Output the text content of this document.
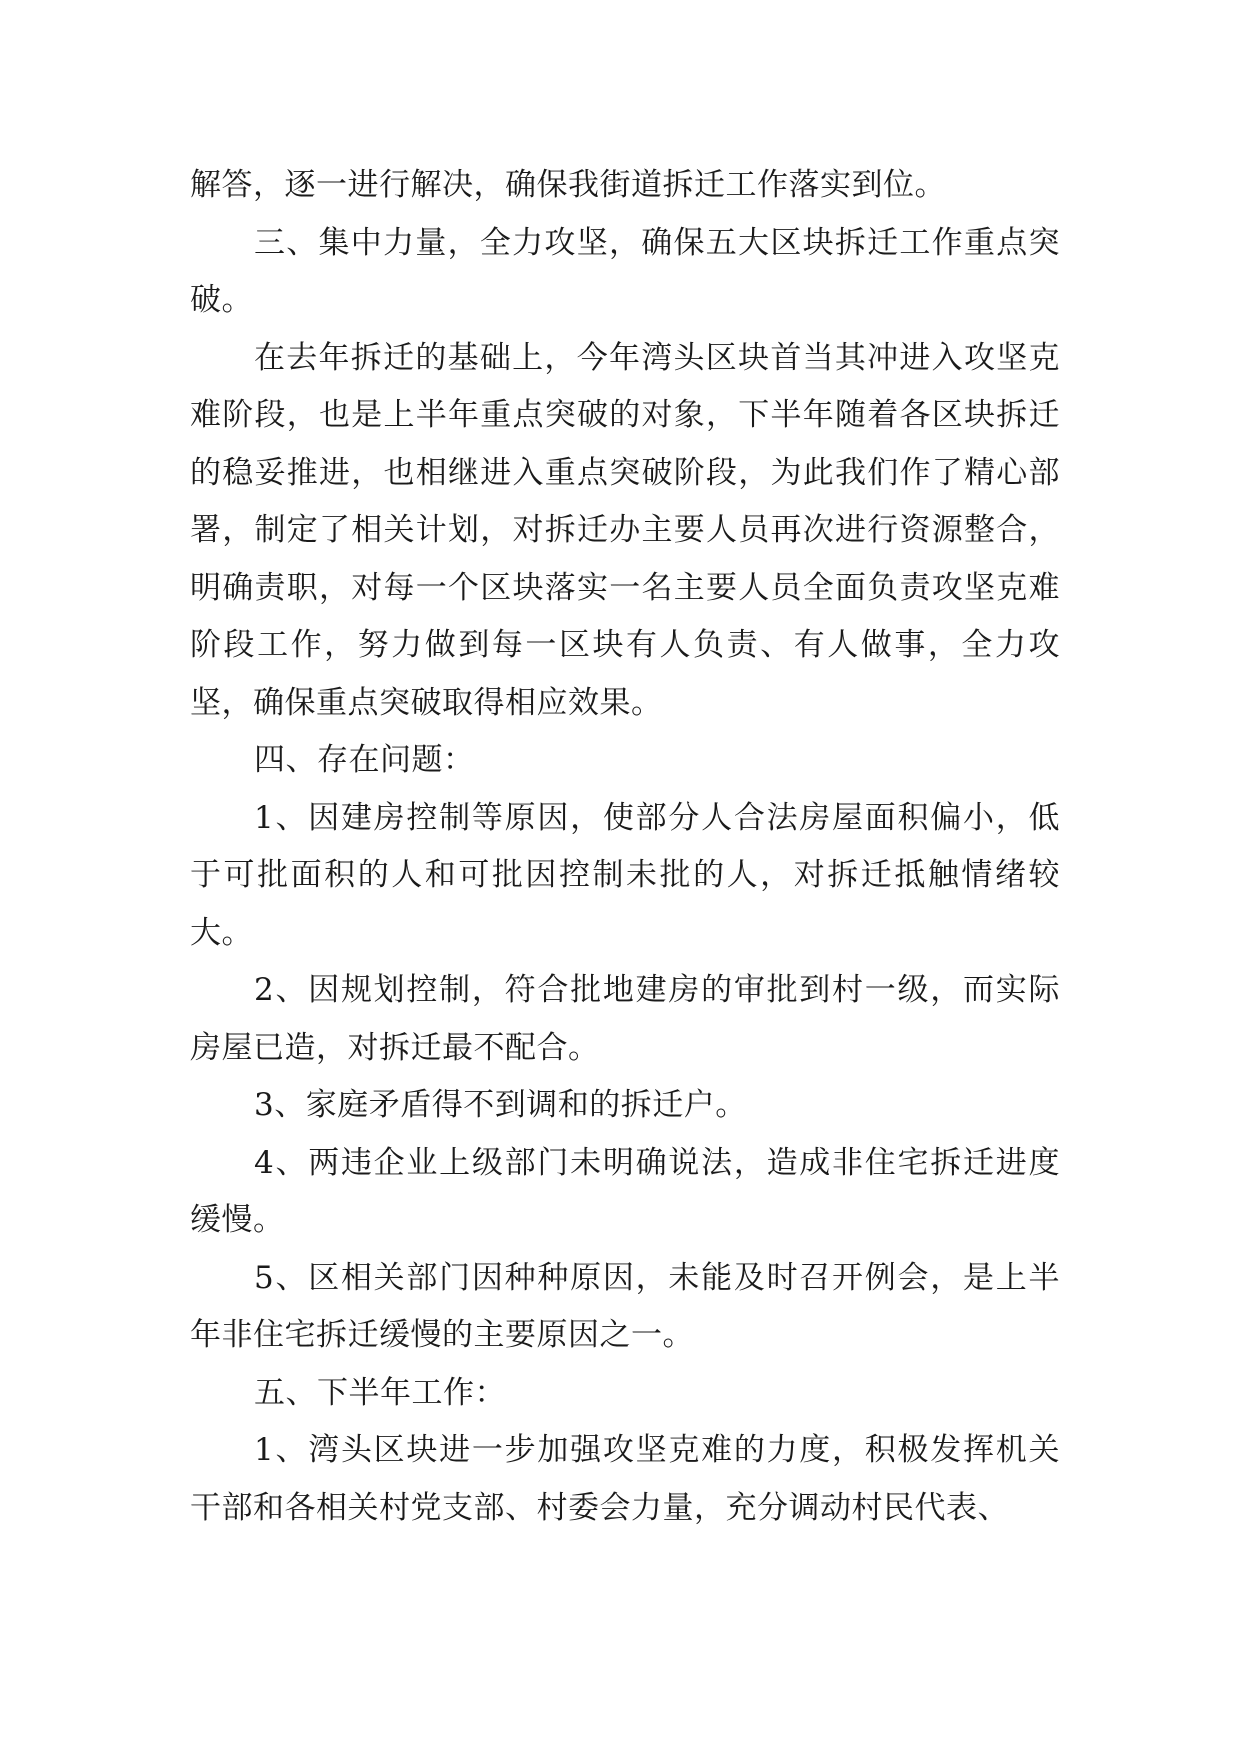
解答，逐一进行解决，确保我街道拆迁工作落实到位。

三、集中力量，全力攻坚，确保五大区块拆迁工作重点突破。

在去年拆迁的基础上，今年湾头区块首当其冲进入攻坚克难阶段，也是上半年重点突破的对象，下半年随着各区块拆迁的稳妥推进，也相继进入重点突破阶段，为此我们作了精心部署，制定了相关计划，对拆迁办主要人员再次进行资源整合，明确责职，对每一个区块落实一名主要人员全面负责攻坚克难阶段工作，努力做到每一区块有人负责、有人做事，全力攻坚，确保重点突破取得相应效果。

四、存在问题：

1、因建房控制等原因，使部分人合法房屋面积偏小，低于可批面积的人和可批因控制未批的人，对拆迁抵触情绪较大。

2、因规划控制，符合批地建房的审批到村一级，而实际房屋已造，对拆迁最不配合。

3、家庭矛盾得不到调和的拆迁户。

4、两违企业上级部门未明确说法，造成非住宅拆迁进度缓慢。

5、区相关部门因种种原因，未能及时召开例会，是上半年非住宅拆迁缓慢的主要原因之一。

五、下半年工作：

1、湾头区块进一步加强攻坚克难的力度，积极发挥机关干部和各相关村党支部、村委会力量，充分调动村民代表、
